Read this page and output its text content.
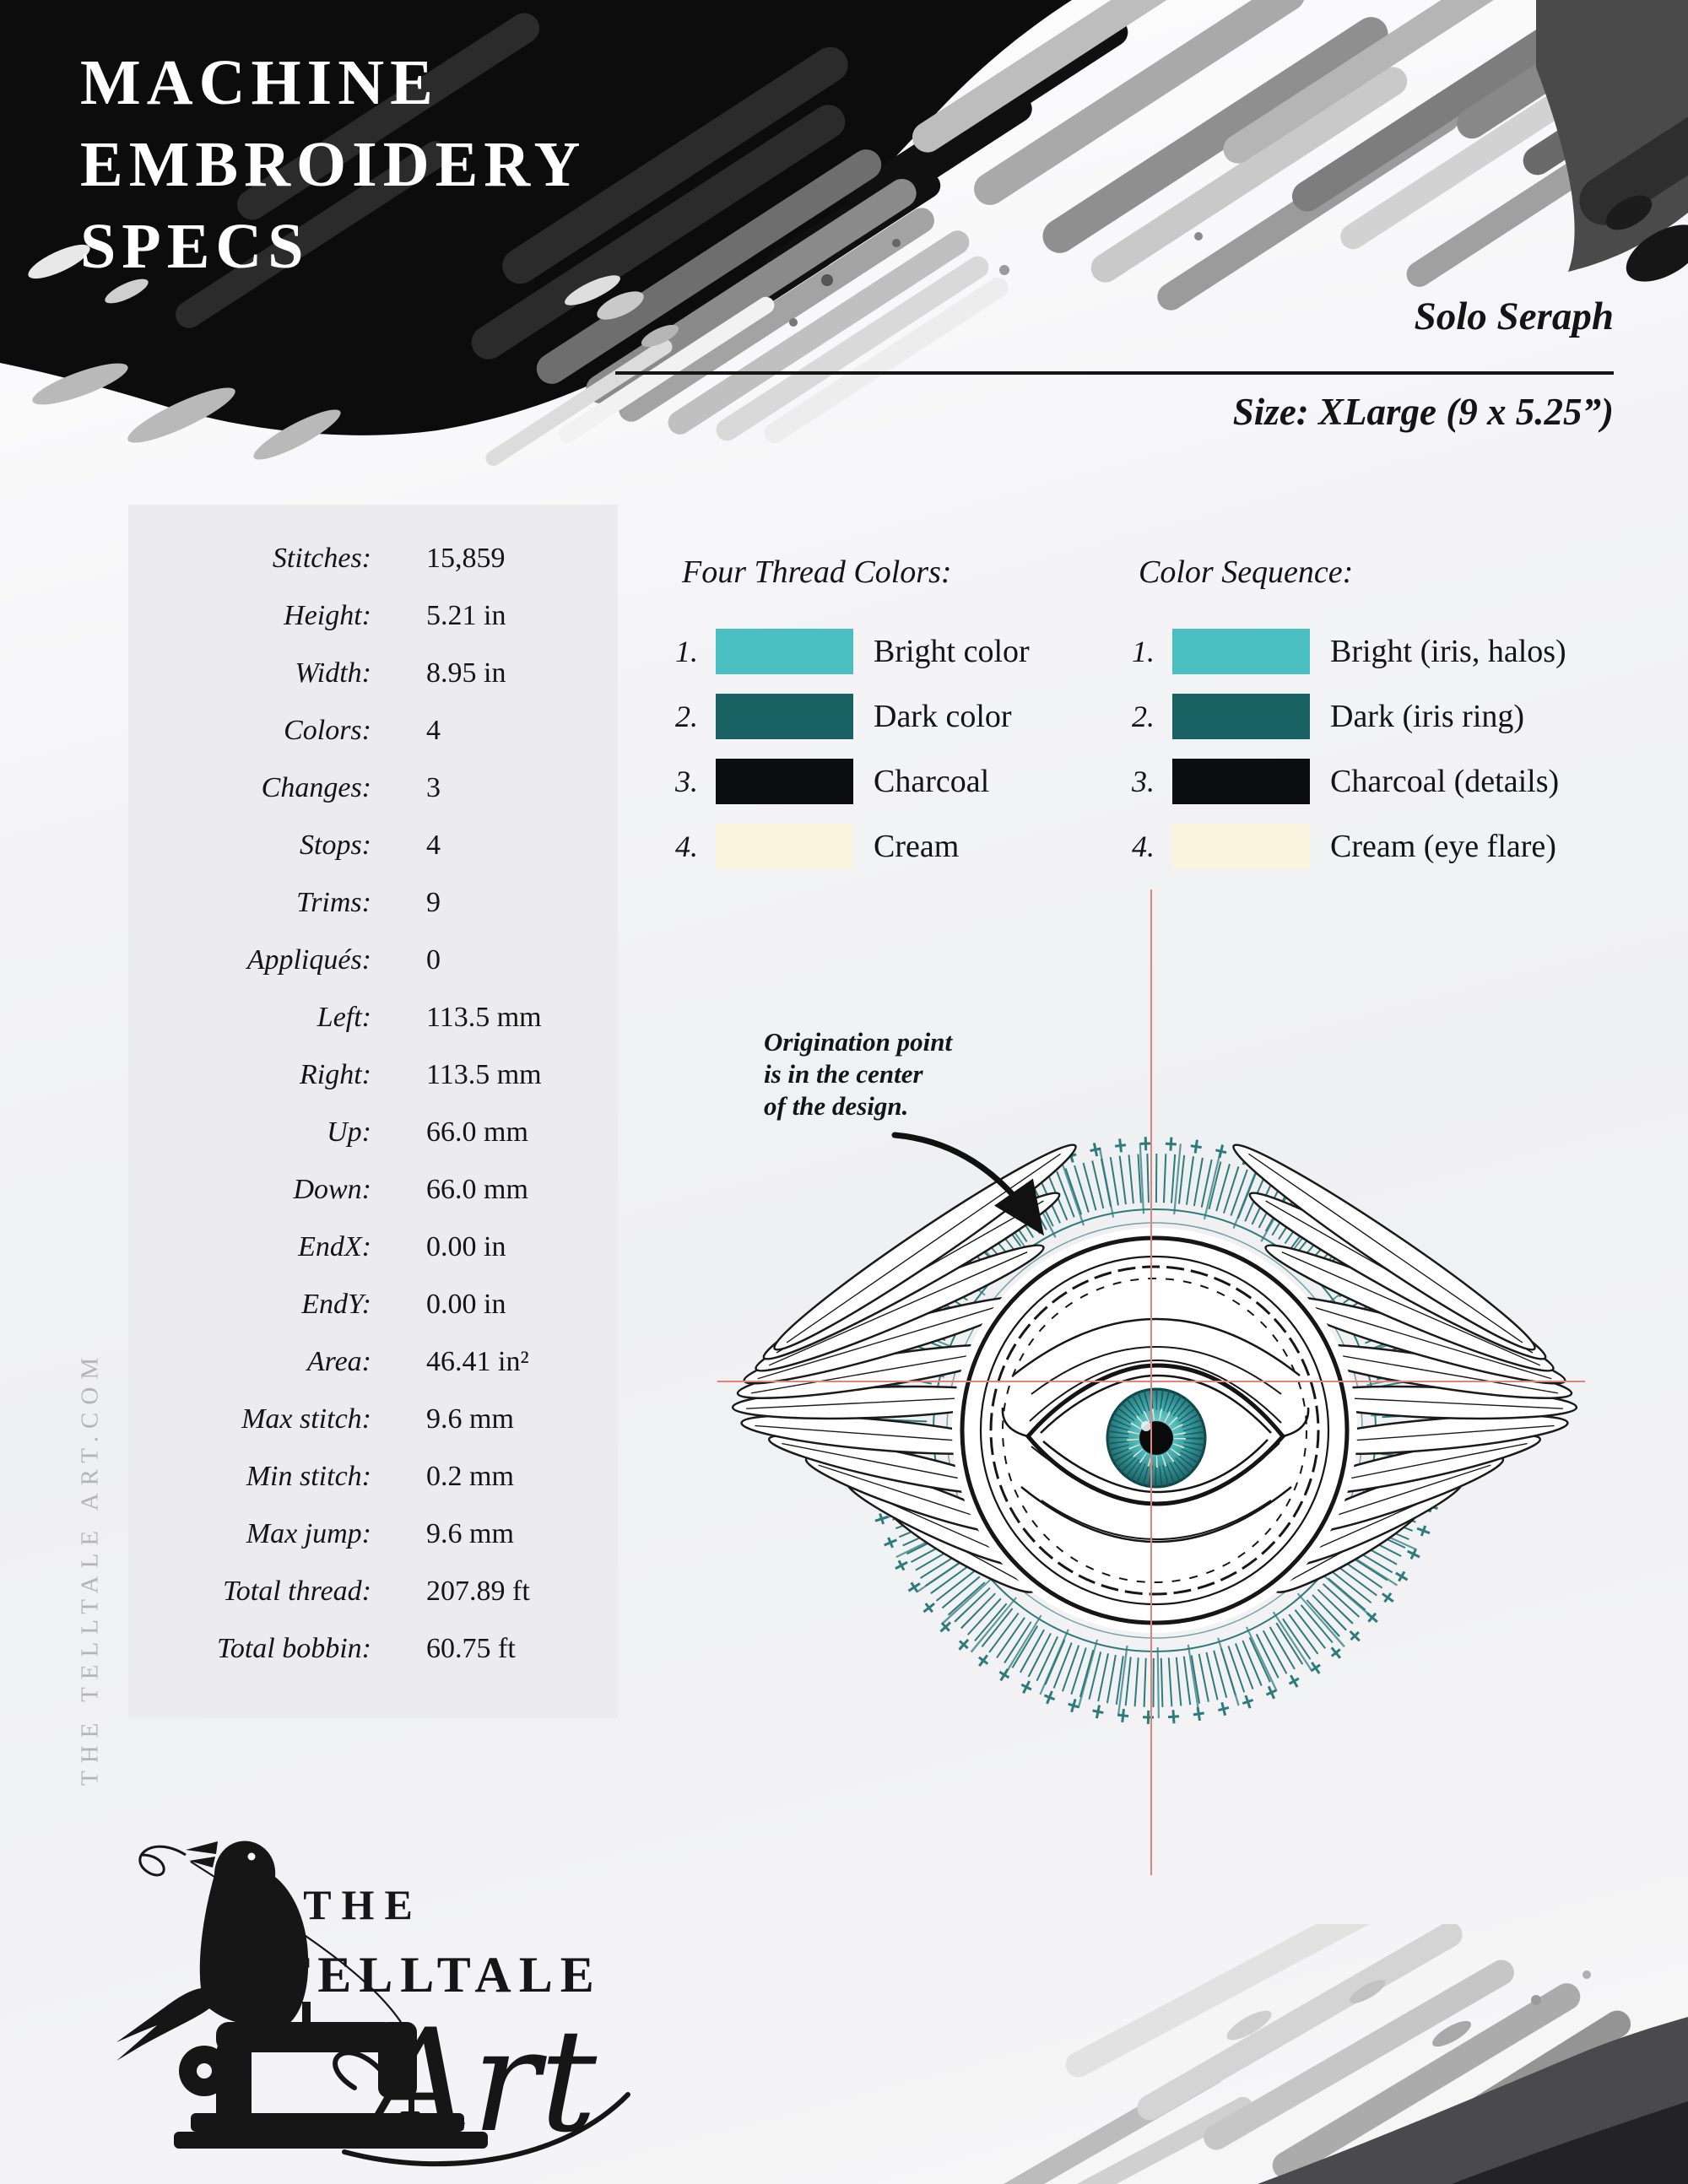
MACHINE
EMBROIDERY
SPECS
Solo Seraph
Size: XLarge (9 x 5.25”)
Stitches: 15,859
Height: 5.21 in
Width: 8.95 in
Colors: 4
Changes: 3
Stops: 4
Trims: 9
Appliqués: 0
Left: 113.5 mm
Right: 113.5 mm
Up: 66.0 mm
Down: 66.0 mm
EndX: 0.00 in
EndY: 0.00 in
Area: 46.41 in²
Max stitch: 9.6 mm
Min stitch: 0.2 mm
Max jump: 9.6 mm
Total thread: 207.89 ft
Total bobbin: 60.75 ft
Four Thread Colors:
1.	Bright color
2.	Dark color
3.	Charcoal
4.	Cream
Color Sequence:
1.	Bright (iris, halos)
2.	Dark (iris ring)
3.	Charcoal (details)
4.	Cream (eye flare)
Origination point
is in the center
of the design.
THE TELLTALE ART.COM
THE
TELLTALE
Art
